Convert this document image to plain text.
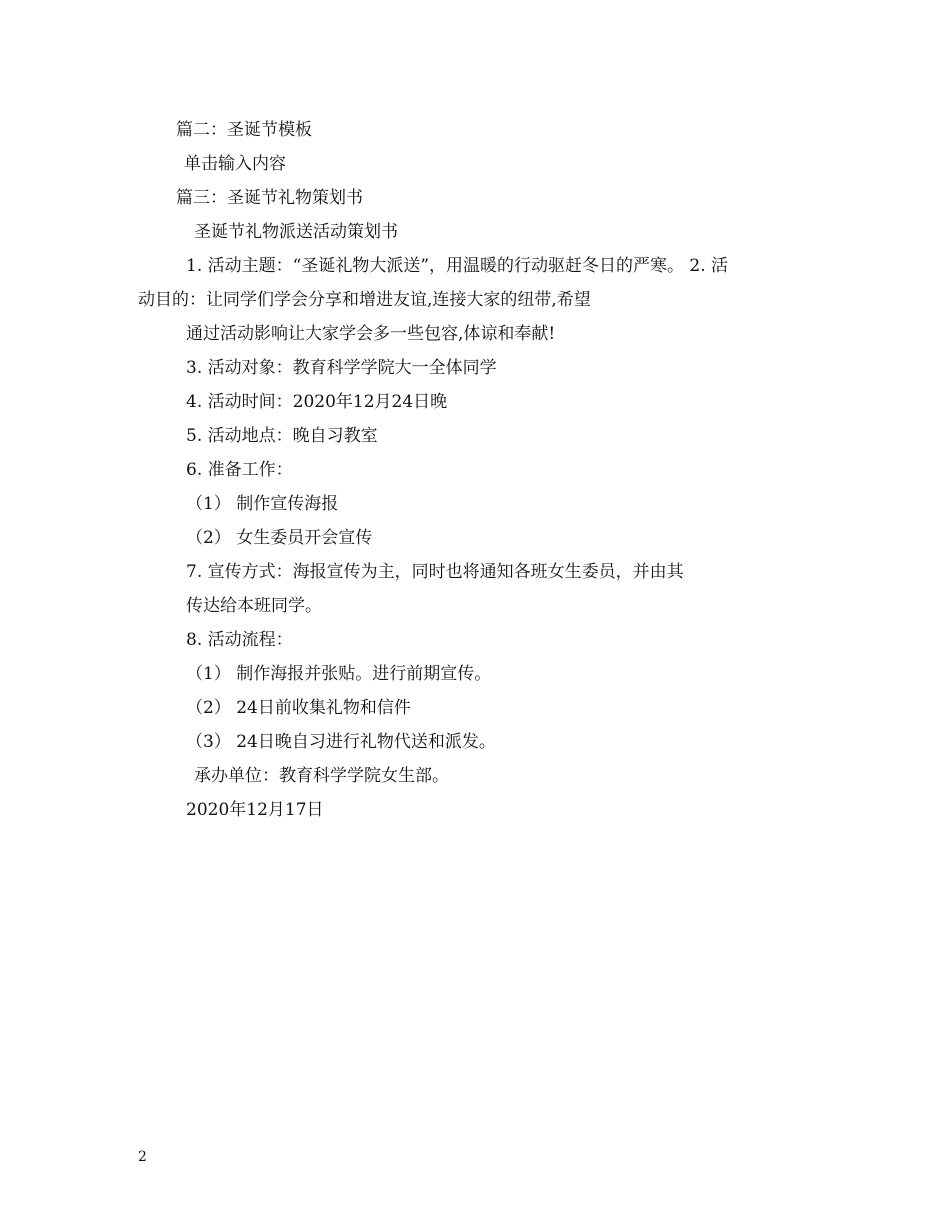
篇二：圣诞节模板
单击输入内容
篇三：圣诞节礼物策划书
圣诞节礼物派送活动策划书
1. 活动主题：“圣诞礼物大派送”，用温暖的行动驱赶冬日的严寒。 2. 活
动目的：让同学们学会分享和增进友谊,连接大家的纽带,希望
通过活动影响让大家学会多一些包容,体谅和奉献!
3. 活动对象：教育科学学院大一全体同学
4. 活动时间：2020年12月24日晚
5. 活动地点：晚自习教室
6. 准备工作：
（1） 制作宣传海报
（2） 女生委员开会宣传
7. 宣传方式：海报宣传为主，同时也将通知各班女生委员，并由其
传达给本班同学。
8. 活动流程：
（1） 制作海报并张贴。进行前期宣传。
（2） 24日前收集礼物和信件
（3） 24日晚自习进行礼物代送和派发。
承办单位：教育科学学院女生部。
2020年12月17日
2
